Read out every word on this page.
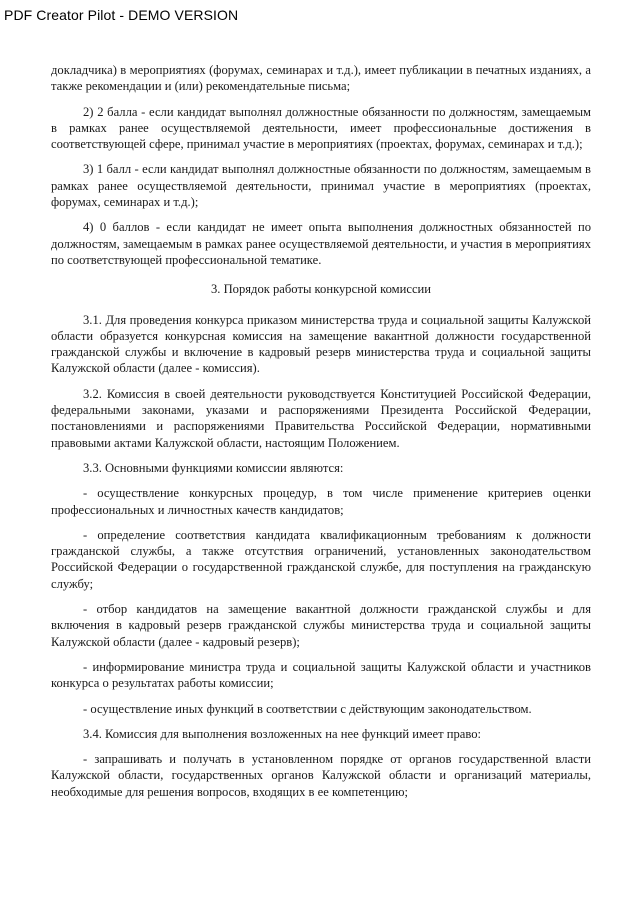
PDF Creator Pilot - DEMO VERSION

докладчика) в мероприятиях (форумах, семинарах и т.д.), имеет публикации в печатных изданиях, а также рекомендации и (или) рекомендательные письма;

2) 2 балла - если кандидат выполнял должностные обязанности по должностям, замещаемым в рамках ранее осуществляемой деятельности, имеет профессиональные достижения в соответствующей сфере, принимал участие в мероприятиях (проектах, форумах, семинарах и т.д.);

3) 1 балл - если кандидат выполнял должностные обязанности по должностям, замещаемым в рамках ранее осуществляемой деятельности, принимал участие в мероприятиях (проектах, форумах, семинарах и т.д.);

4) 0 баллов - если кандидат не имеет опыта выполнения должностных обязанностей по должностям, замещаемым в рамках ранее осуществляемой деятельности, и участия в мероприятиях по соответствующей профессиональной тематике.

3. Порядок работы конкурсной комиссии

3.1. Для проведения конкурса приказом министерства труда и социальной защиты Калужской области образуется конкурсная комиссия на замещение вакантной должности государственной гражданской службы и включение в кадровый резерв министерства труда и социальной защиты Калужской области (далее - комиссия).

3.2. Комиссия в своей деятельности руководствуется Конституцией Российской Федерации, федеральными законами, указами и распоряжениями Президента Российской Федерации, постановлениями и распоряжениями Правительства Российской Федерации, нормативными правовыми актами Калужской области, настоящим Положением.

3.3. Основными функциями комиссии являются:

- осуществление конкурсных процедур, в том числе применение критериев оценки профессиональных и личностных качеств кандидатов;

- определение соответствия кандидата квалификационным требованиям к должности гражданской службы, а также отсутствия ограничений, установленных законодательством Российской Федерации о государственной гражданской службе, для поступления на гражданскую службу;

- отбор кандидатов на замещение вакантной должности гражданской службы и для включения в кадровый резерв гражданской службы министерства труда и социальной защиты Калужской области (далее - кадровый резерв);

- информирование министра труда и социальной защиты Калужской области и участников конкурса о результатах работы комиссии;

- осуществление иных функций в соответствии с действующим законодательством.

3.4. Комиссия для выполнения возложенных на нее функций имеет право:

- запрашивать и получать в установленном порядке от органов государственной власти Калужской области, государственных органов Калужской области и организаций материалы, необходимые для решения вопросов, входящих в ее компетенцию;
